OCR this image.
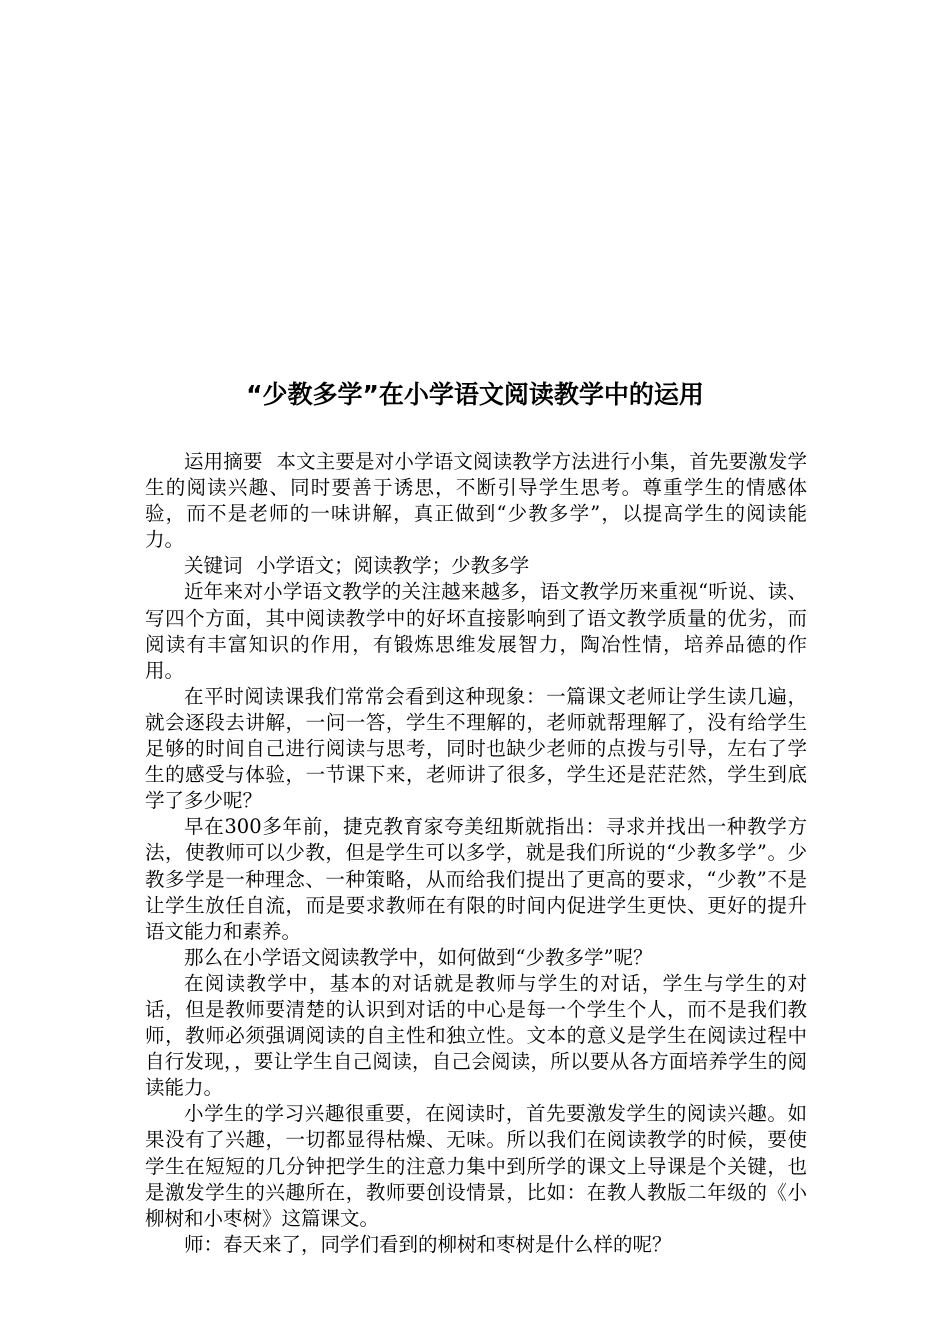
“少教多学”在小学语文阅读教学中的运用

运用摘要 本文主要是对小学语文阅读教学方法进行小集，首先要激发学生的阅读兴趣、同时要善于诱思，不断引导学生思考。尊重学生的情感体验，而不是老师的一味讲解，真正做到“少教多学”，以提高学生的阅读能力。

关键词 小学语文；阅读教学；少教多学

近年来对小学语文教学的关注越来越多，语文教学历来重视“听说、读、写四个方面，其中阅读教学中的好坏直接影响到了语文教学质量的优劣，而阅读有丰富知识的作用，有锻炼思维发展智力，陶冶性情，培养品德的作用。

在平时阅读课我们常常会看到这种现象：一篇课文老师让学生读几遍，就会逐段去讲解，一问一答，学生不理解的，老师就帮理解了，没有给学生足够的时间自己进行阅读与思考，同时也缺少老师的点拨与引导，左右了学生的感受与体验，一节课下来，老师讲了很多，学生还是茫茫然，学生到底学了多少呢？

早在300多年前，捷克教育家夸美纽斯就指出：寻求并找出一种教学方法，使教师可以少教，但是学生可以多学，就是我们所说的“少教多学”。少教多学是一种理念、一种策略，从而给我们提出了更高的要求，“少教”不是让学生放任自流，而是要求教师在有限的时间内促进学生更快、更好的提升语文能力和素养。

那么在小学语文阅读教学中，如何做到“少教多学”呢？

在阅读教学中，基本的对话就是教师与学生的对话，学生与学生的对话，但是教师要清楚的认识到对话的中心是每一个学生个人，而不是我们教师，教师必须强调阅读的自主性和独立性。文本的意义是学生在阅读过程中自行发现，，要让学生自己阅读，自己会阅读，所以要从各方面培养学生的阅读能力。

小学生的学习兴趣很重要，在阅读时，首先要激发学生的阅读兴趣。如果没有了兴趣，一切都显得枯燥、无味。所以我们在阅读教学的时候，要使学生在短短的几分钟把学生的注意力集中到所学的课文上导课是个关键，也是激发学生的兴趣所在，教师要创设情景，比如：在教人教版二年级的《小柳树和小枣树》这篇课文。

师：春天来了，同学们看到的柳树和枣树是什么样的呢？
